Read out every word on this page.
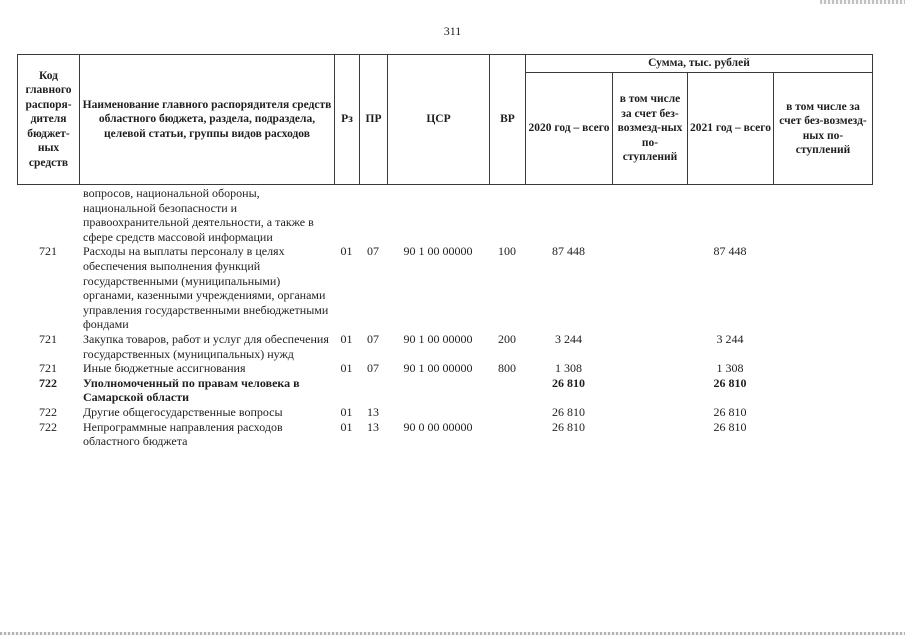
311
Код главного распоря-дителя бюджет-ных средств	Наименование главного распорядителя средств областного бюджета, раздела, подраздела, целевой статьи, группы видов расходов	Рз	ПР	ЦСР	ВР	Сумма, тыс. рублей			
						2020 год – всего	в том числе за счет без-возмезд-ных по-ступлений	2021 год – всего	в том числе за счет без-возмезд-ных по-ступлений
	вопросов, национальной обороны, национальной безопасности и правоохранительной деятельности, а также в сфере средств массовой информации								
721	Расходы на выплаты персоналу в целях обеспечения выполнения функций государственными (муниципальными) органами, казенными учреждениями, органами управления государственными внебюджетными фондами	01	07	90 1 00 00000	100	87 448		87 448	
721	Закупка товаров, работ и услуг для обеспечения государственных (муниципальных) нужд	01	07	90 1 00 00000	200	3 244		3 244	
721	Иные бюджетные ассигнования	01	07	90 1 00 00000	800	1 308		1 308	
722	Уполномоченный по правам человека в Самарской области					26 810		26 810	
722	Другие общегосударственные вопросы	01	13			26 810		26 810	
722	Непрограммные направления расходов областного бюджета	01	13	90 0 00 00000		26 810		26 810	
